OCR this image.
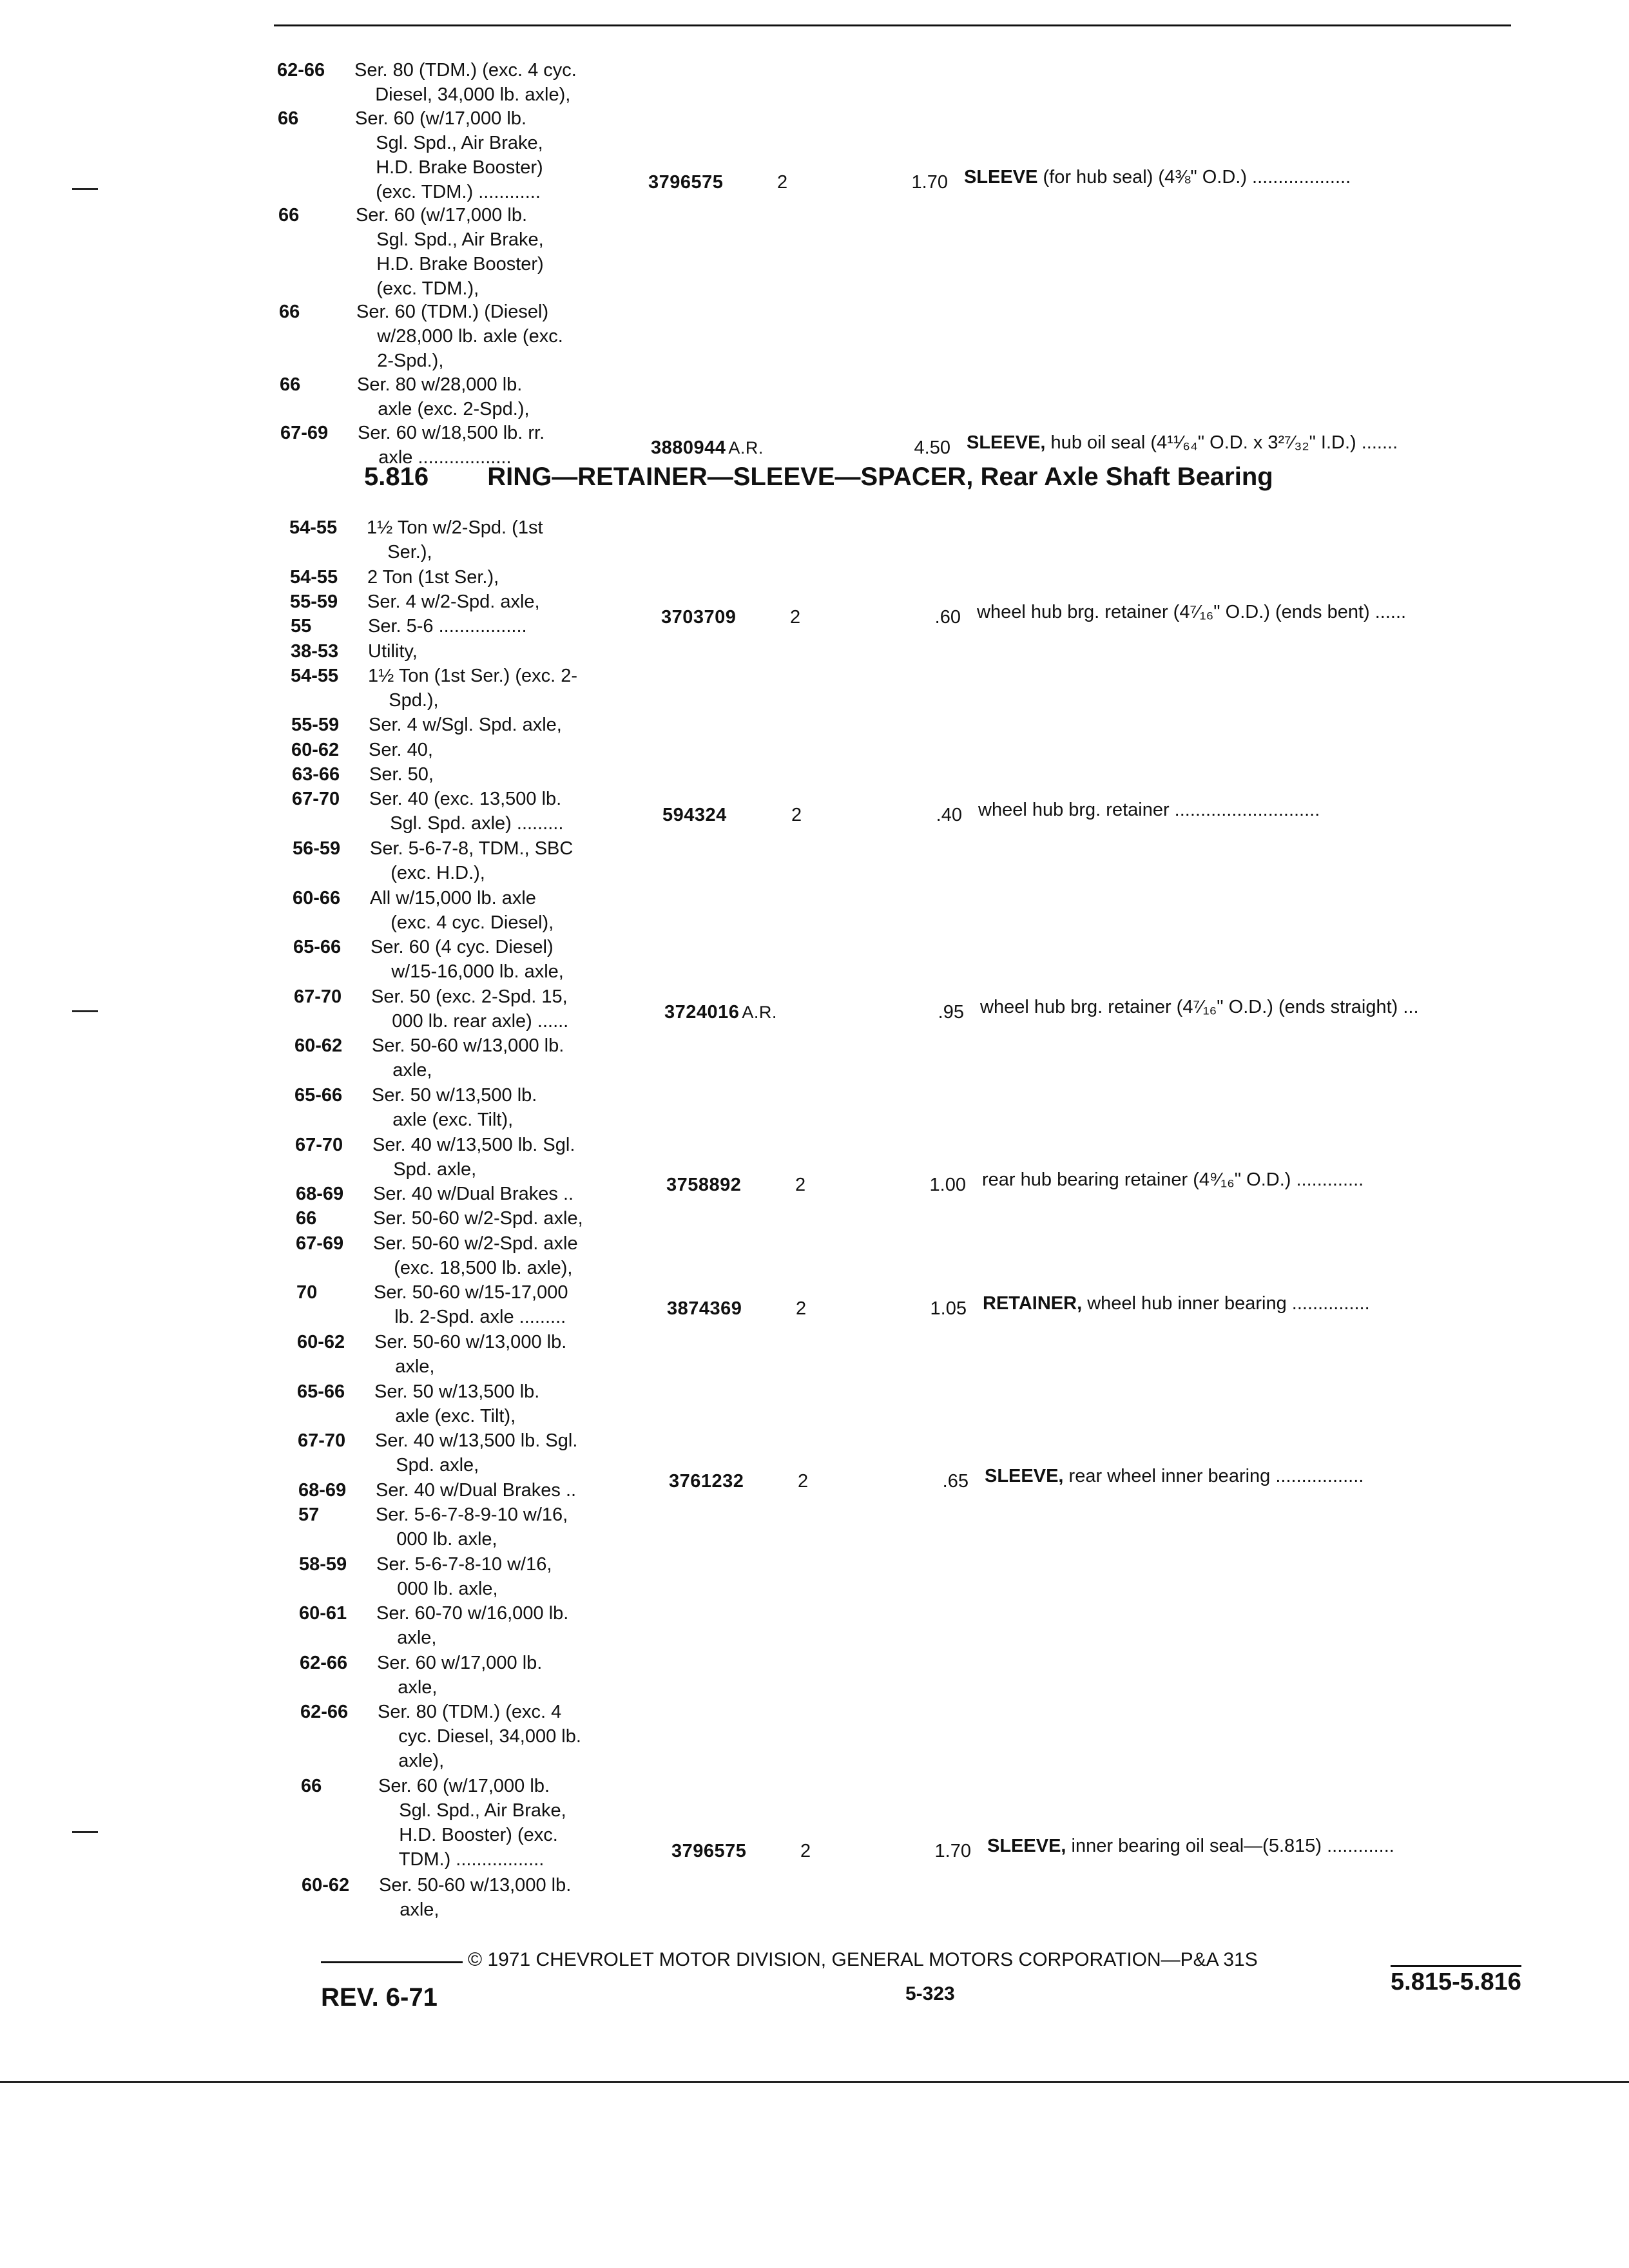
62-66 Ser. 80 (TDM.) (exc. 4 cyc.
Diesel, 34,000 lb. axle),
66	Ser. 60 (w/17,000 lb.
Sgl. Spd., Air Brake,
H.D. Brake Booster)
(exc. TDM.) ............	3796575	2	1.70 SLEEVE (for hub seal) (4⅜" O.D.) ...................
66	Ser. 60 (w/17,000 lb.
Sgl. Spd., Air Brake,
H.D. Brake Booster)
(exc. TDM.),
66	Ser. 60 (TDM.) (Diesel)
w/28,000 lb. axle (exc.
2-Spd.),
66	Ser. 80 w/28,000 lb.
axle (exc. 2-Spd.),
67-69 Ser. 60 w/18,500 lb. rr.
axle ..................	3880944 A.R.	4.50 SLEEVE, hub oil seal (4¹¹⁄₆₄" O.D. x 3²⁷⁄₃₂" I.D.) .......
5.816 RING—RETAINER—SLEEVE—SPACER, Rear Axle Shaft Bearing
54-55 1½ Ton w/2-Spd. (1st
Ser.),
54-55 2 Ton (1st Ser.),
55-59 Ser. 4 w/2-Spd. axle,
55	Ser. 5-6 .................	3703709	2	.60 wheel hub brg. retainer (4⁷⁄₁₆" O.D.) (ends bent) ......
38-53 Utility,
54-55 1½ Ton (1st Ser.) (exc. 2-
Spd.),
55-59 Ser. 4 w/Sgl. Spd. axle,
60-62 Ser. 40,
63-66 Ser. 50,
67-70 Ser. 40 (exc. 13,500 lb.
Sgl. Spd. axle) .........	594324	2	.40 wheel hub brg. retainer ............................
56-59 Ser. 5-6-7-8, TDM., SBC
(exc. H.D.),
60-66 All w/15,000 lb. axle
(exc. 4 cyc. Diesel),
65-66 Ser. 60 (4 cyc. Diesel)
w/15-16,000 lb. axle,
67-70 Ser. 50 (exc. 2-Spd. 15,
000 lb. rear axle) ......	3724016 A.R.	.95 wheel hub brg. retainer (4⁷⁄₁₆" O.D.) (ends straight) ...
60-62 Ser. 50-60 w/13,000 lb.
axle,
65-66 Ser. 50 w/13,500 lb.
axle (exc. Tilt),
67-70 Ser. 40 w/13,500 lb. Sgl.
Spd. axle,
68-69 Ser. 40 w/Dual Brakes ..	3758892	2	1.00 rear hub bearing retainer (4⁹⁄₁₆" O.D.) .............
66	Ser. 50-60 w/2-Spd. axle,
67-69 Ser. 50-60 w/2-Spd. axle
(exc. 18,500 lb. axle),
70	Ser. 50-60 w/15-17,000
lb. 2-Spd. axle .........	3874369	2	1.05 RETAINER, wheel hub inner bearing ...............
60-62 Ser. 50-60 w/13,000 lb.
axle,
65-66 Ser. 50 w/13,500 lb.
axle (exc. Tilt),
67-70 Ser. 40 w/13,500 lb. Sgl.
Spd. axle,
68-69 Ser. 40 w/Dual Brakes ..	3761232	2	.65 SLEEVE, rear wheel inner bearing .................
57	Ser. 5-6-7-8-9-10 w/16,
000 lb. axle,
58-59 Ser. 5-6-7-8-10 w/16,
000 lb. axle,
60-61 Ser. 60-70 w/16,000 lb.
axle,
62-66 Ser. 60 w/17,000 lb.
axle,
62-66 Ser. 80 (TDM.) (exc. 4
cyc. Diesel, 34,000 lb.
axle),
66	Ser. 60 (w/17,000 lb.
Sgl. Spd., Air Brake,
H.D. Booster) (exc.
TDM.) .................	3796575	2	1.70 SLEEVE, inner bearing oil seal—(5.815) .............
60-62 Ser. 50-60 w/13,000 lb.
axle,
© 1971 CHEVROLET MOTOR DIVISION, GENERAL MOTORS CORPORATION—P&A 31S
REV. 6-71	5-323	5.815-5.816
